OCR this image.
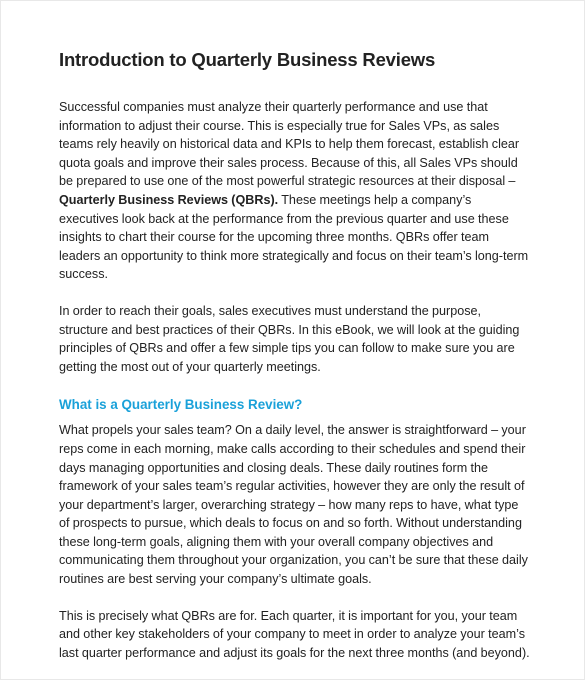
Introduction to Quarterly Business Reviews

Successful companies must analyze their quarterly performance and use that information to adjust their course. This is especially true for Sales VPs, as sales teams rely heavily on historical data and KPIs to help them forecast, establish clear quota goals and improve their sales process. Because of this, all Sales VPs should be prepared to use one of the most powerful strategic resources at their disposal – Quarterly Business Reviews (QBRs). These meetings help a company’s executives look back at the performance from the previous quarter and use these insights to chart their course for the upcoming three months. QBRs offer team leaders an opportunity to think more strategically and focus on their team’s long-term success.

In order to reach their goals, sales executives must understand the purpose, structure and best practices of their QBRs. In this eBook, we will look at the guiding principles of QBRs and offer a few simple tips you can follow to make sure you are getting the most out of your quarterly meetings.

What is a Quarterly Business Review?

What propels your sales team? On a daily level, the answer is straightforward – your reps come in each morning, make calls according to their schedules and spend their days managing opportunities and closing deals. These daily routines form the framework of your sales team’s regular activities, however they are only the result of your department’s larger, overarching strategy – how many reps to have, what type of prospects to pursue, which deals to focus on and so forth. Without understanding these long-term goals, aligning them with your overall company objectives and communicating them throughout your organization, you can’t be sure that these daily routines are best serving your company’s ultimate goals.

This is precisely what QBRs are for. Each quarter, it is important for you, your team and other key stakeholders of your company to meet in order to analyze your team’s last quarter performance and adjust its goals for the next three months (and beyond).
